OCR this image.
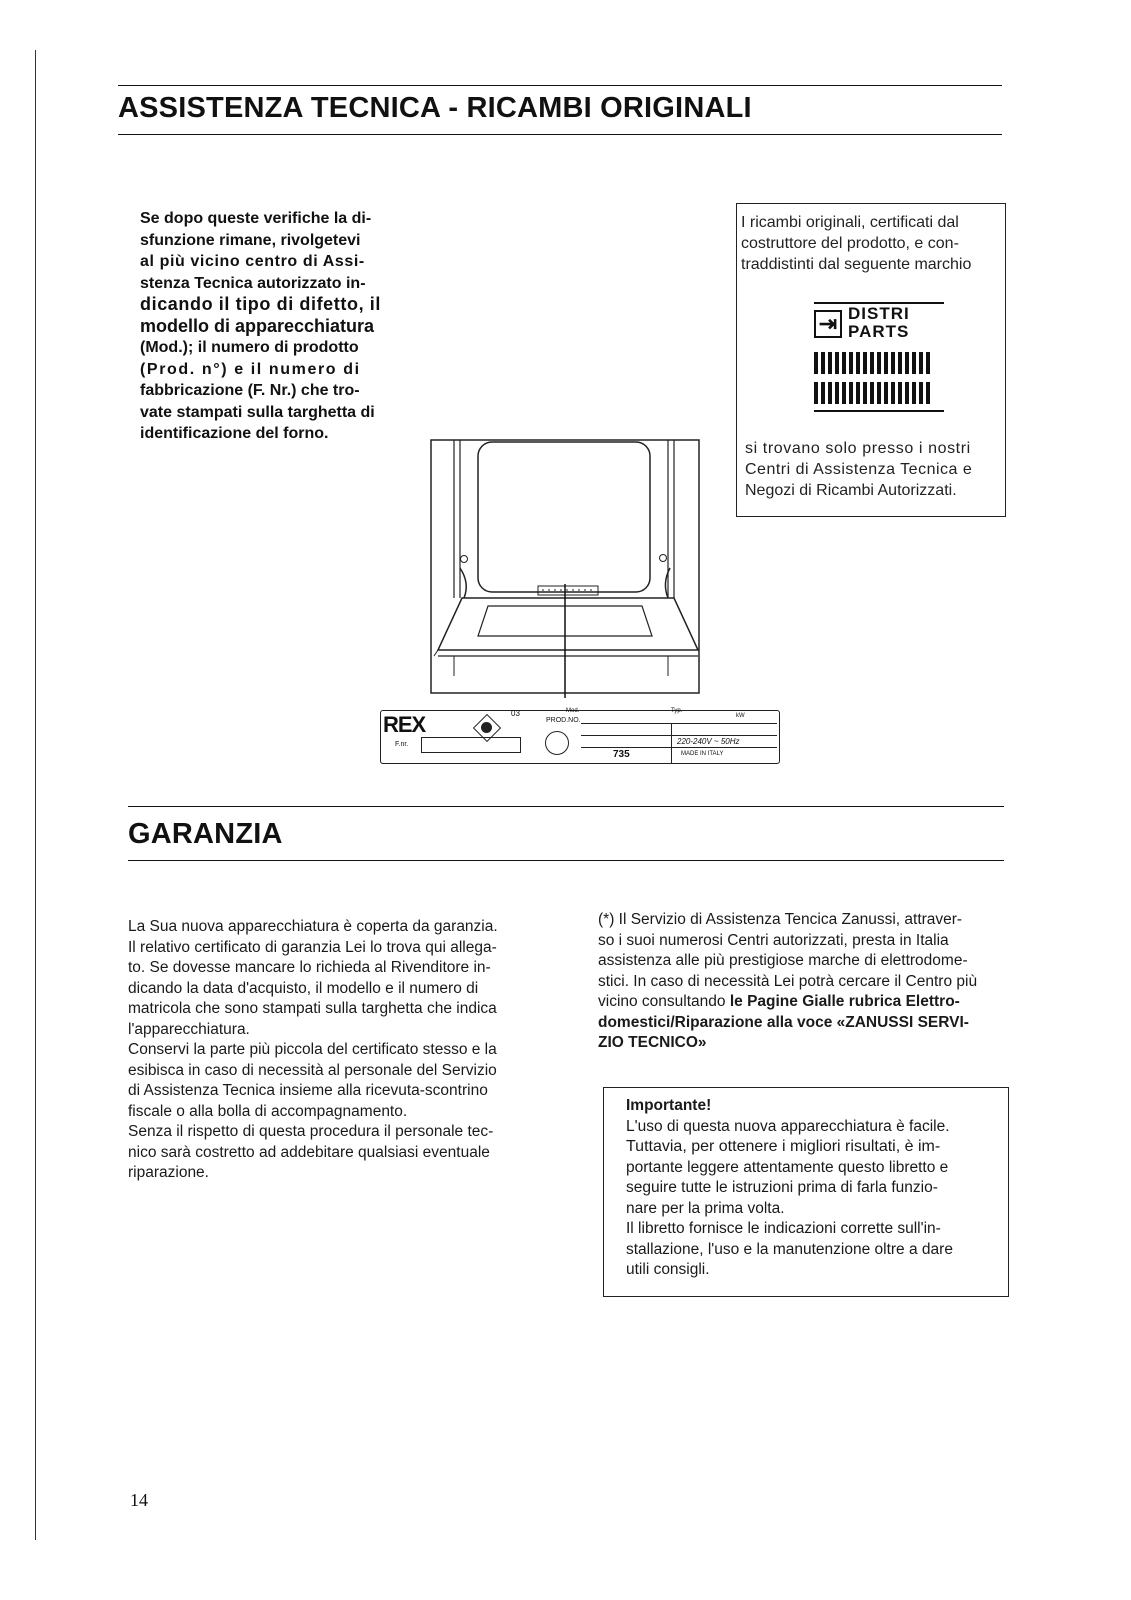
ASSISTENZA TECNICA - RICAMBI ORIGINALI
Se dopo queste verifiche la di-
sfunzione rimane, rivolgetevi
al più vicino centro di Assi-
stenza Tecnica autorizzato in-
dicando il tipo di difetto, il
modello di apparecchiatura
(Mod.); il numero di prodotto
(Prod. n°) e il numero di
fabbricazione (F. Nr.) che tro-
vate stampati sulla targhetta di
identificazione del forno.
I ricambi originali, certificati dal
costruttore del prodotto, e con-
traddistinti dal seguente marchio
⇥ DISTRI
PARTS
si trovano solo presso i nostri
Centri di Assistenza Tecnica e
Negozi di Ricambi Autorizzati.
REX	03	Mod.	Typ.
PROD.NO.
F.nr.
kW
220-240V ~ 50Hz
735	MADE IN ITALY
GARANZIA

La Sua nuova apparecchiatura è coperta da garanzia.
Il relativo certificato di garanzia Lei lo trova qui allega-
to. Se dovesse mancare lo richieda al Rivenditore in-
dicando la data d'acquisto, il modello e il numero di
matricola che sono stampati sulla targhetta che indica
l'apparecchiatura.

Conservi la parte più piccola del certificato stesso e la
esibisca in caso di necessità al personale del Servizio
di Assistenza Tecnica insieme alla ricevuta-scontrino
fiscale o alla bolla di accompagnamento.

Senza il rispetto di questa procedura il personale tec-
nico sarà costretto ad addebitare qualsiasi eventuale
riparazione.

(*) Il Servizio di Assistenza Tencica Zanussi, attraver-
so i suoi numerosi Centri autorizzati, presta in Italia
assistenza alle più prestigiose marche di elettrodome-
stici. In caso di necessità Lei potrà cercare il Centro più
vicino consultando le Pagine Gialle rubrica Elettro-
domestici/Riparazione alla voce «ZANUSSI SERVI-
ZIO TECNICO»
Importante!
L'uso di questa nuova apparecchiatura è facile.
Tuttavia, per ottenere i migliori risultati, è im-
portante leggere attentamente questo libretto e
seguire tutte le istruzioni prima di farla funzio-
nare per la prima volta.
Il libretto fornisce le indicazioni corrette sull'in-
stallazione, l'uso e la manutenzione oltre a dare
utili consigli.
14
